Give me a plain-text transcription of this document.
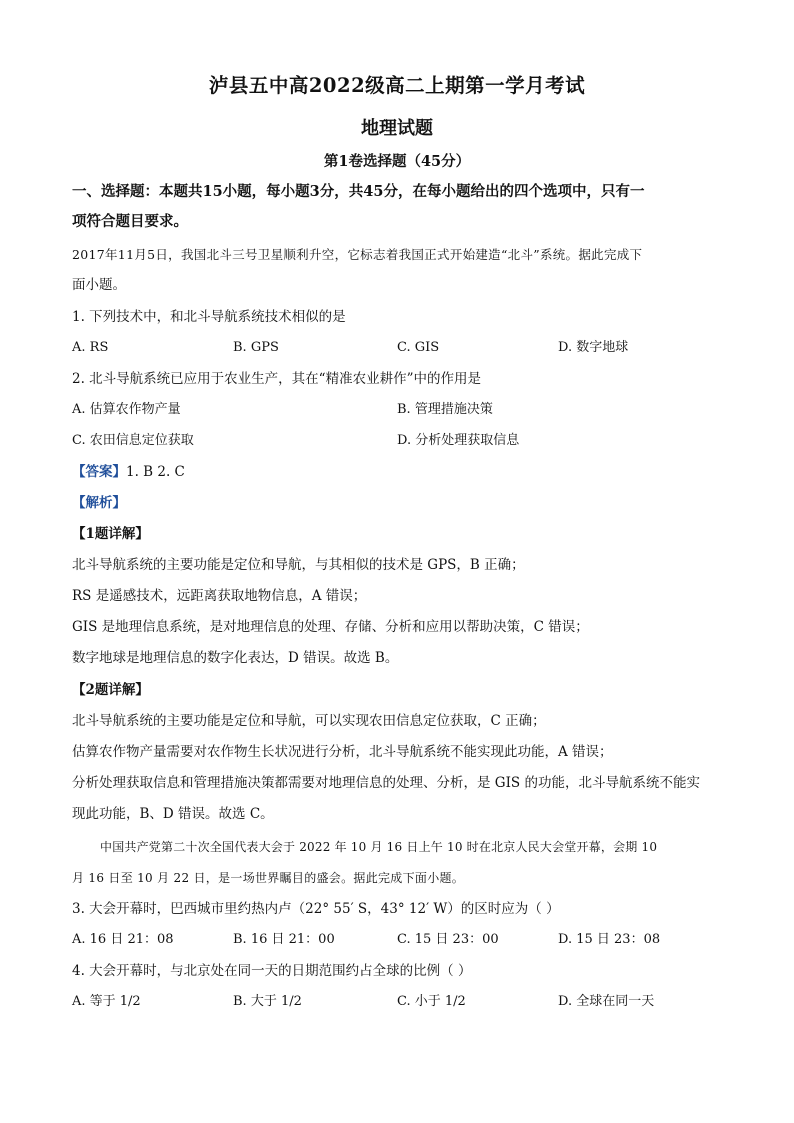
泸县五中高2022级高二上期第一学月考试
地理试题
第1卷选择题（45分）
一、选择题：本题共15小题，每小题3分，共45分，在每小题给出的四个选项中，只有一
项符合题目要求。
2017年11月5日，我国北斗三号卫星顺利升空，它标志着我国正式开始建造“北斗”系统。据此完成下
面小题。
1. 下列技术中，和北斗导航系统技术相似的是
A. RS	B. GPS	C. GIS	D. 数字地球
2. 北斗导航系统已应用于农业生产，其在“精准农业耕作”中的作用是
A. 估算农作物产量	B. 管理措施决策
C. 农田信息定位获取	D. 分析处理获取信息
【答案】1. B 2. C
【解析】
【1题详解】
北斗导航系统的主要功能是定位和导航，与其相似的技术是 GPS，B 正确；
RS 是遥感技术，远距离获取地物信息，A 错误；
GIS 是地理信息系统，是对地理信息的处理、存储、分析和应用以帮助决策，C 错误；
数字地球是地理信息的数字化表达，D 错误。故选 B。
【2题详解】
北斗导航系统的主要功能是定位和导航，可以实现农田信息定位获取，C 正确；
估算农作物产量需要对农作物生长状况进行分析，北斗导航系统不能实现此功能，A 错误；
分析处理获取信息和管理措施决策都需要对地理信息的处理、分析，是 GIS 的功能，北斗导航系统不能实
现此功能，B、D 错误。故选 C。
中国共产党第二十次全国代表大会于 2022 年 10 月 16 日上午 10 时在北京人民大会堂开幕，会期 10
月 16 日至 10 月 22 日，是一场世界瞩目的盛会。据此完成下面小题。
3. 大会开幕时，巴西城市里约热内卢（22° 55′ S，43° 12′ W）的区时应为（ ）
A. 16 日 21：08	B. 16 日 21：00	C. 15 日 23：00	D. 15 日 23：08
4. 大会开幕时，与北京处在同一天的日期范围约占全球的比例（ ）
A. 等于 1/2	B. 大于 1/2	C. 小于 1/2	D. 全球在同一天
